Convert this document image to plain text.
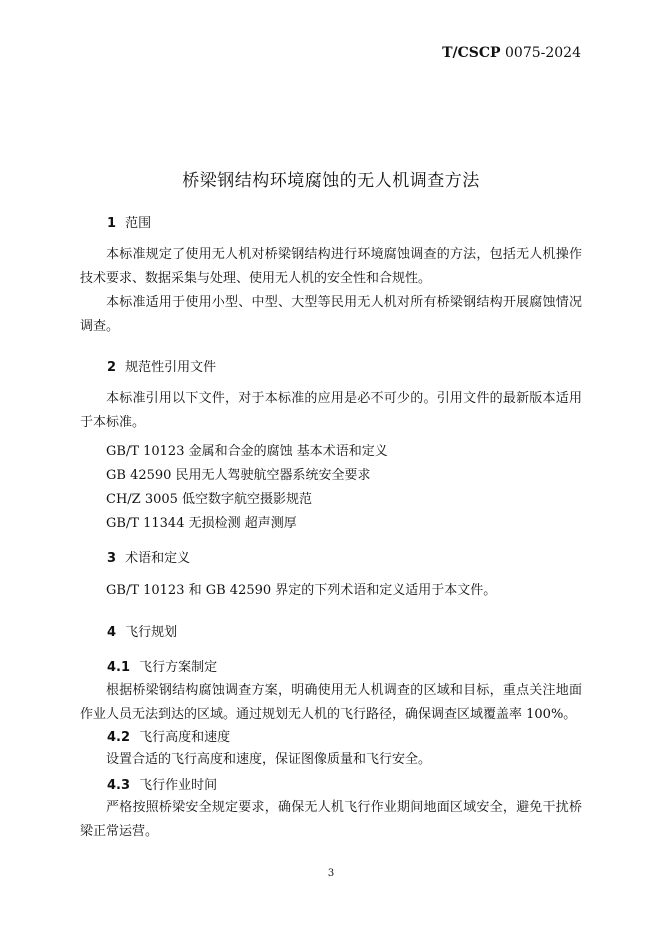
T/CSCP 0075-2024
桥梁钢结构环境腐蚀的无人机调查方法
1 范围
本标准规定了使用无人机对桥梁钢结构进行环境腐蚀调查的方法，包括无人机操作技术要求、数据采集与处理、使用无人机的安全性和合规性。
本标准适用于使用小型、中型、大型等民用无人机对所有桥梁钢结构开展腐蚀情况调查。
2 规范性引用文件
本标准引用以下文件，对于本标准的应用是必不可少的。引用文件的最新版本适用于本标准。
GB/T 10123 金属和合金的腐蚀 基本术语和定义
GB 42590 民用无人驾驶航空器系统安全要求
CH/Z 3005 低空数字航空摄影规范
GB/T 11344 无损检测 超声测厚
3 术语和定义
GB/T 10123 和 GB 42590 界定的下列术语和定义适用于本文件。
4 飞行规划
4.1 飞行方案制定
根据桥梁钢结构腐蚀调查方案，明确使用无人机调查的区域和目标，重点关注地面作业人员无法到达的区域。通过规划无人机的飞行路径，确保调查区域覆盖率 100%。
4.2 飞行高度和速度
设置合适的飞行高度和速度，保证图像质量和飞行安全。
4.3 飞行作业时间
严格按照桥梁安全规定要求，确保无人机飞行作业期间地面区域安全，避免干扰桥梁正常运营。
3
